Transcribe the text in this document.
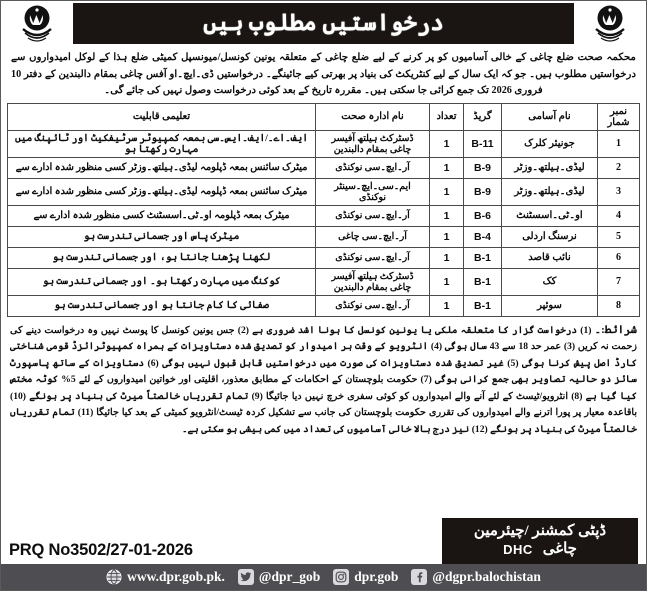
درخواستیں مطلوب ہیں
محکمہ صحت ضلع چاغی کے خالی آسامیوں کو پر کرنے کے لیے ضلع چاغی کے متعلقہ یونین کونسل/میونسپل کمیٹی ضلع ہذا کے لوکل امیدواروں سے درخواستیں مطلوب ہیں۔ جو کہ ایک سال کے لیے کنٹریکٹ کی بنیاد پر بھرتی کیے جائینگے۔ درخواستیں ڈی۔ایچ۔او آفس چاغی بمقام دالبندین کے دفتر 10 فروری 2026 تک جمع کرائی جا سکتی ہیں۔ مقررہ تاریخ کے بعد کوئی درخواست وصول نہیں کی جائے گی۔
نمبر شمار	نام آسامی	گریڈ	تعداد	نام ادارہ صحت	تعلیمی قابلیت
1	جونیئر کلرک	B-11	1	ڈسٹرکٹ ہیلتھ آفیسر چاغی بمقام دالبندین	ایف۔اے۔/ایف۔ایس۔سی بمعہ کمپیوٹر سرٹیفکیٹ اور ٹائپنگ میں مہارت رکھتا ہو
2	لیڈی۔ہیلتھ۔وزٹر	B-9	1	آر۔ایچ۔سی نوکنڈی	میٹرک سائنس بمعہ ڈپلومہ لیڈی۔ہیلتھ۔وزٹر کسی منظور شدہ ادارے سے
3	لیڈی۔ہیلتھ۔وزٹر	B-9	1	ایم۔سی۔ایچ۔سینٹر نوکنڈی	میٹرک سائنس بمعہ ڈپلومہ لیڈی۔ہیلتھ۔وزٹر کسی منظور شدہ ادارے سے
4	او۔ٹی۔اسسٹنٹ	B-6	1	آر۔ایچ۔سی نوکنڈی	میٹرک بمعہ ڈپلومہ او۔ٹی۔اسسٹنٹ کسی منظور شدہ ادارے سے
5	نرسنگ اردلی	B-4	1	آر۔ایچ۔سی چاغی	میٹرک پاس اور جسمانی تندرست ہو
6	نائب قاصد	B-1	1	آر۔ایچ۔سی نوکنڈی	لکھنا پڑھنا جانتا ہو، اور جسمانی تندرست ہو
7	کک	B-1	1	ڈسٹرکٹ ہیلتھ آفیسر چاغی بمقام دالبندین	کوکنگ میں مہارت رکھتا ہو۔ اور جسمانی تندرست ہو
8	سوئپر	B-1	1	آر۔ایچ۔سی نوکنڈی	صفائی کا کام جانتا ہو اور جسمانی تندرست ہو
شرائط:۔ (1) درخواست گزار کا متعلقہ ملکی یا یونین کونسل کا ہونا اشد ضروری ہے (2) جس یونین کونسل کا پوسٹ نہیں وہ درخواست دینے کی زحمت نہ کریں (3) عمر حد 18 سے 43 سال ہوگی (4) انٹرویو کے وقت ہر امیدوار کو تصدیق شدہ دستاویزات کے ہمراہ کمپیوٹرائزڈ قومی شناختی کارڈ اصل پیش کرنا ہوگی (5) غیر تصدیق شدہ دستاویزات کی صورت میں درخواستیں قابل قبول نہیں ہوگی (6) دستاویزات کے ساتھ پاسپورٹ سائز دو حالیہ تصاویر بھی جمع کرانی ہوگی (7) حکومت بلوچستان کے احکامات کے مطابق معذور، اقلیتی اور خواتین امیدواروں کے لئے 5% کوٹہ مختص کیا گیا ہے (8) انٹرویو/ٹیسٹ کے لئے آنے والے امیدواروں کو کوئی سفری خرچ نہیں دیا جائیگا (9) تمام تقرریاں خالصتاً میرٹ کی بنیاد پر ہونگے (10) باقاعدہ معیار پر پورا اترنے والے امیدواروں کی تقرری حکومت بلوچستان کی جانب سے تشکیل کردہ ٹیسٹ/انٹرویو کمیٹی کے بعد کیا جائیگا (11) تمام تقرریاں خالصتاً میرٹ کی بنیاد پر ہونگے (12) نیز درج بالا خالی آسامیوں کی تعداد میں کمی بیشی ہو سکتی ہے۔
ڈپٹی کمشنر /چیئرمین
چاغی
DHC
PRQ No3502/27-01-2026
www.dpr.gob.pk.	@dpr_gob	dpr.gob	@dgpr.balochistan
